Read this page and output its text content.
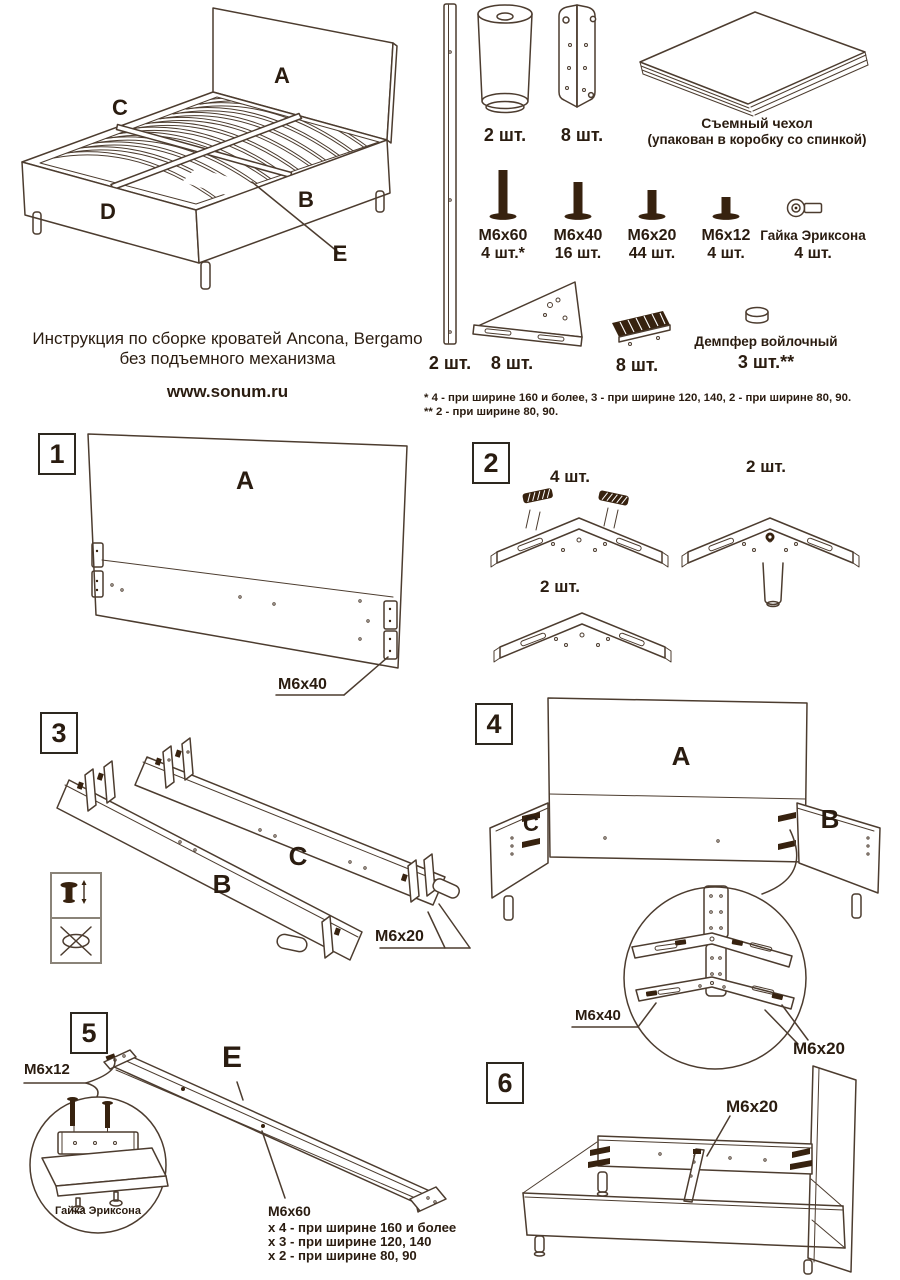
A
C
D	B
E
Инструкция по сборке кроватей Ancona, Bergamo
без подъемного механизма
www.sonum.ru
2 шт.	8 шт.
Съемный чехол
(упакован в коробку со спинкой)
M6x60
4 шт.*
M6x40
16 шт.
M6x20
44 шт.
M6x12
4 шт.
Гайка Эриксона
4 шт.
2 шт.	8 шт.	8 шт.
Демпфер войлочный
3 шт.**
* 4 - при ширине 160 и более, 3 - при ширине 120, 140, 2 - при ширине 80, 90.
** 2 - при ширине 80, 90.
1
A
M6x40
2	4 шт.
2 шт.
2 шт.
3
B
C
M6x20
4
A
C	B
M6x40
M6x20
5
M6x12	E
Гайка Эриксона	M6x60
x 4 - при ширине 160 и более
x 3 - при ширине 120, 140
x 2 - при ширине 80, 90
6
M6x20
